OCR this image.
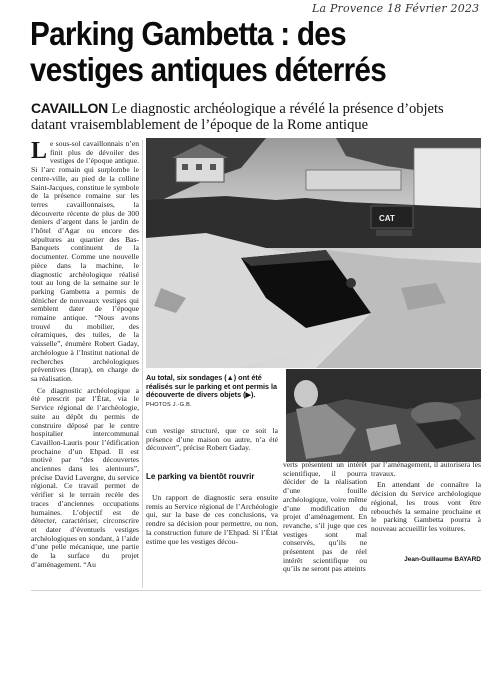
La Provence 18 Février 2023
Parking Gambetta : des vestiges antiques déterrés
CAVAILLON Le diagnostic archéologique a révélé la présence d’objets datant vraisemblablement de l’époque de la Rome antique

Le sous-sol cavaillonnais n’en finit plus de dévoiler des vestiges de l’époque antique. Si l’arc romain qui surplombe le centre-ville, au pied de la colline Saint-Jacques, constitue le symbole de la présence romaine sur les terres cavaillonnaises, la découverte récente de plus de 300 deniers d’argent dans le jardin de l’hôtel d’Agar ou encore des sépultures au quartier des Bas-Banquets continuent de la documenter. Comme une nouvelle pièce dans la machine, le diagnostic archéologique réalisé tout au long de la semaine sur le parking Gambetta a permis de dénicher de nouveaux vestiges qui semblent dater de l’époque romaine antique. “Nous avons trouvé du mobilier, des céramiques, des tuiles, de la vaisselle”, énumère Robert Gaday, archéologue à l’Institut national de recherches archéologiques préventives (Inrap), en charge de sa réalisation.

Ce diagnostic archéologique a été prescrit par l’État, via le Service régional de l’archéologie, suite au dépôt du permis de construire déposé par le centre hospitalier intercommunal Cavaillon-Lauris pour l’édification prochaine d’un Ehpad. Il est motivé par “des découvertes anciennes dans les alentours”, précise David Lavergne, du service régional. Ce travail permet de vérifier si le terrain recèle des traces d’anciennes occupations humaines. L’objectif est de détecter, caractériser, circonscrire et dater d’éventuels vestiges archéologiques en sondant, à l’aide d’une pelle mécanique, une partie de la surface du projet d’aménagement. “Au

CAT
Au total, six sondages (▲) ont été réalisés sur le parking et ont permis la découverte de divers objets (▶). PHOTOS J.-G.B.

cun vestige structuré, que ce soit la présence d’une maison ou autre, n’a été découvert”, précise Robert Gaday.

Le parking va bientôt rouvrir

Un rapport de diagnostic sera ensuite remis au Service régional de l’Archéologie qui, sur la base de ces conclusions, va rendre sa décision pour permettre, ou non, la construction future de l’Ehpad. Si l’État estime que les vestiges décou-

verts présentent un intérêt scientifique, il pourra décider de la réalisation d’une fouille archéologique, voire même d’une modification du projet d’aménagement. En revanche, s’il juge que ces vestiges sont mal conservés, qu’ils ne présentent pas de réel intérêt scientifique ou qu’ils ne seront pas atteints

par l’aménagement, il autorisera les travaux.

En attendant de connaître la décision du Service archéologique régional, les trous vont être rebouchés la semaine prochaine et le parking Gambetta pourra à nouveau accueillir les voitures.

Jean-Guillaume BAYARD
